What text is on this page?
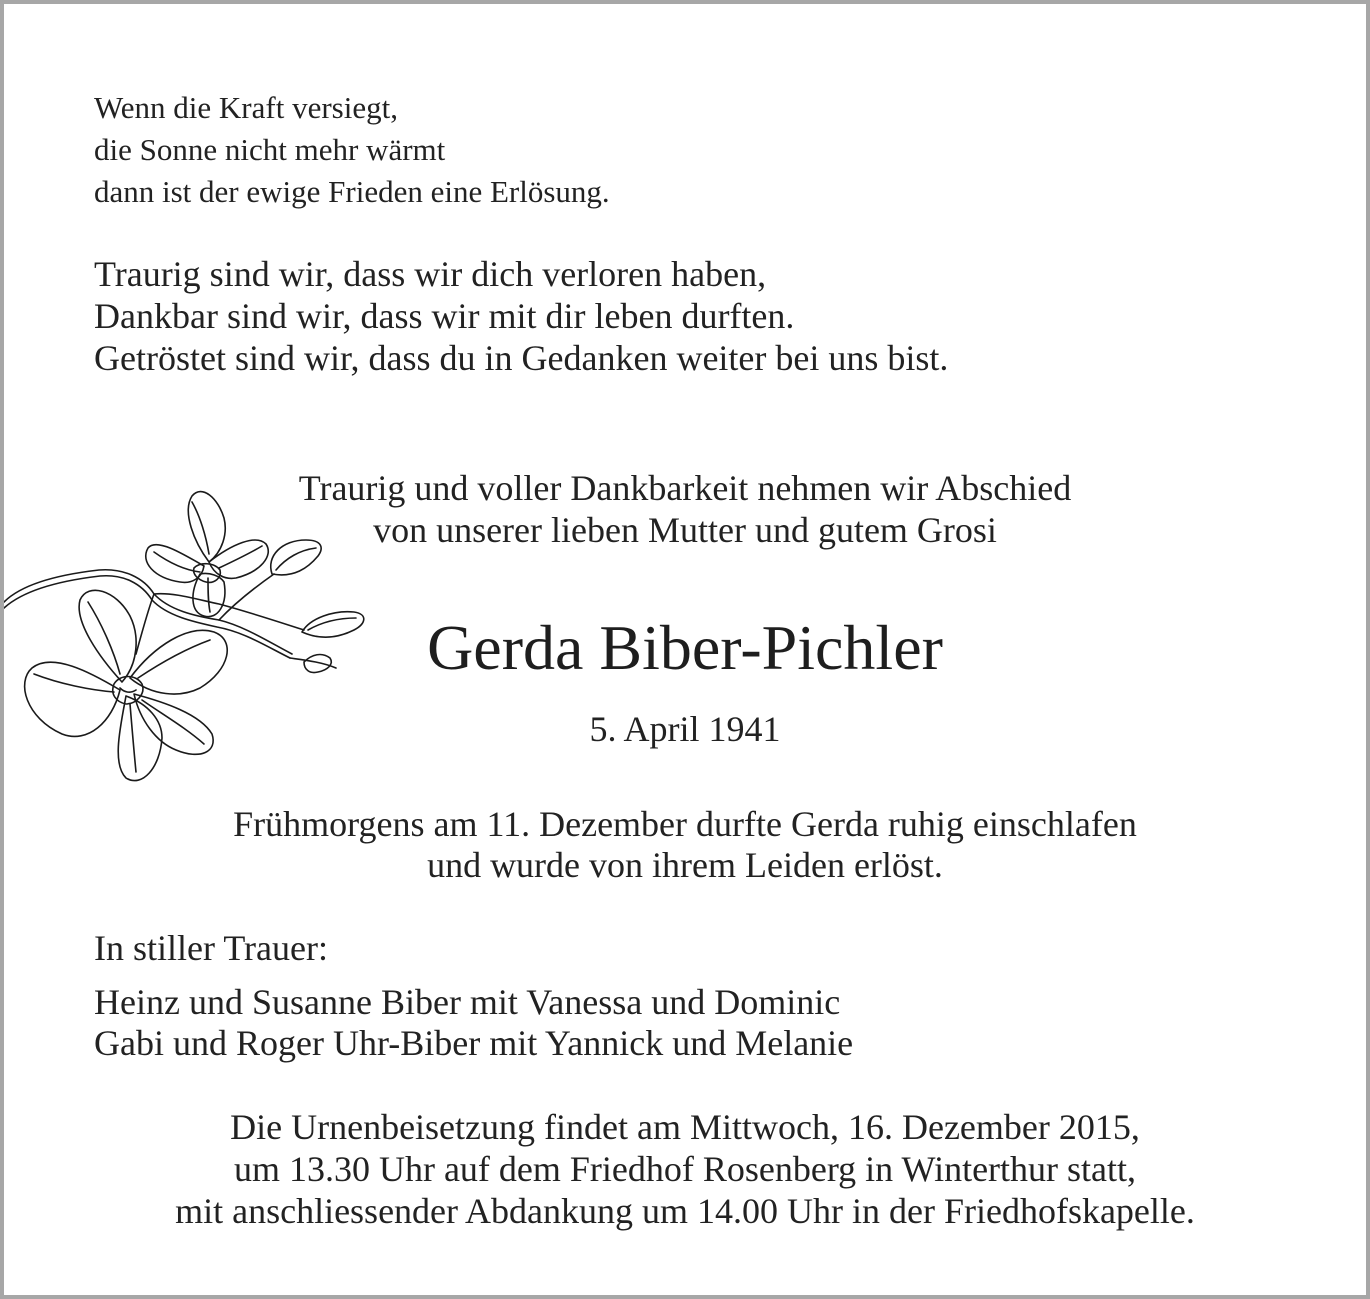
Wenn die Kraft versiegt,
die Sonne nicht mehr wärmt
dann ist der ewige Frieden eine Erlösung.
Traurig sind wir, dass wir dich verloren haben,
Dankbar sind wir, dass wir mit dir leben durften.
Getröstet sind wir, dass du in Gedanken weiter bei uns bist.
Traurig und voller Dankbarkeit nehmen wir Abschied
von unserer lieben Mutter und gutem Grosi
Gerda Biber-Pichler
5. April 1941
Frühmorgens am 11. Dezember durfte Gerda ruhig einschlafen
und wurde von ihrem Leiden erlöst.
In stiller Trauer:
Heinz und Susanne Biber mit Vanessa und Dominic
Gabi und Roger Uhr-Biber mit Yannick und Melanie
Die Urnenbeisetzung findet am Mittwoch, 16. Dezember 2015,
um 13.30 Uhr auf dem Friedhof Rosenberg in Winterthur statt,
mit anschliessender Abdankung um 14.00 Uhr in der Friedhofskapelle.
